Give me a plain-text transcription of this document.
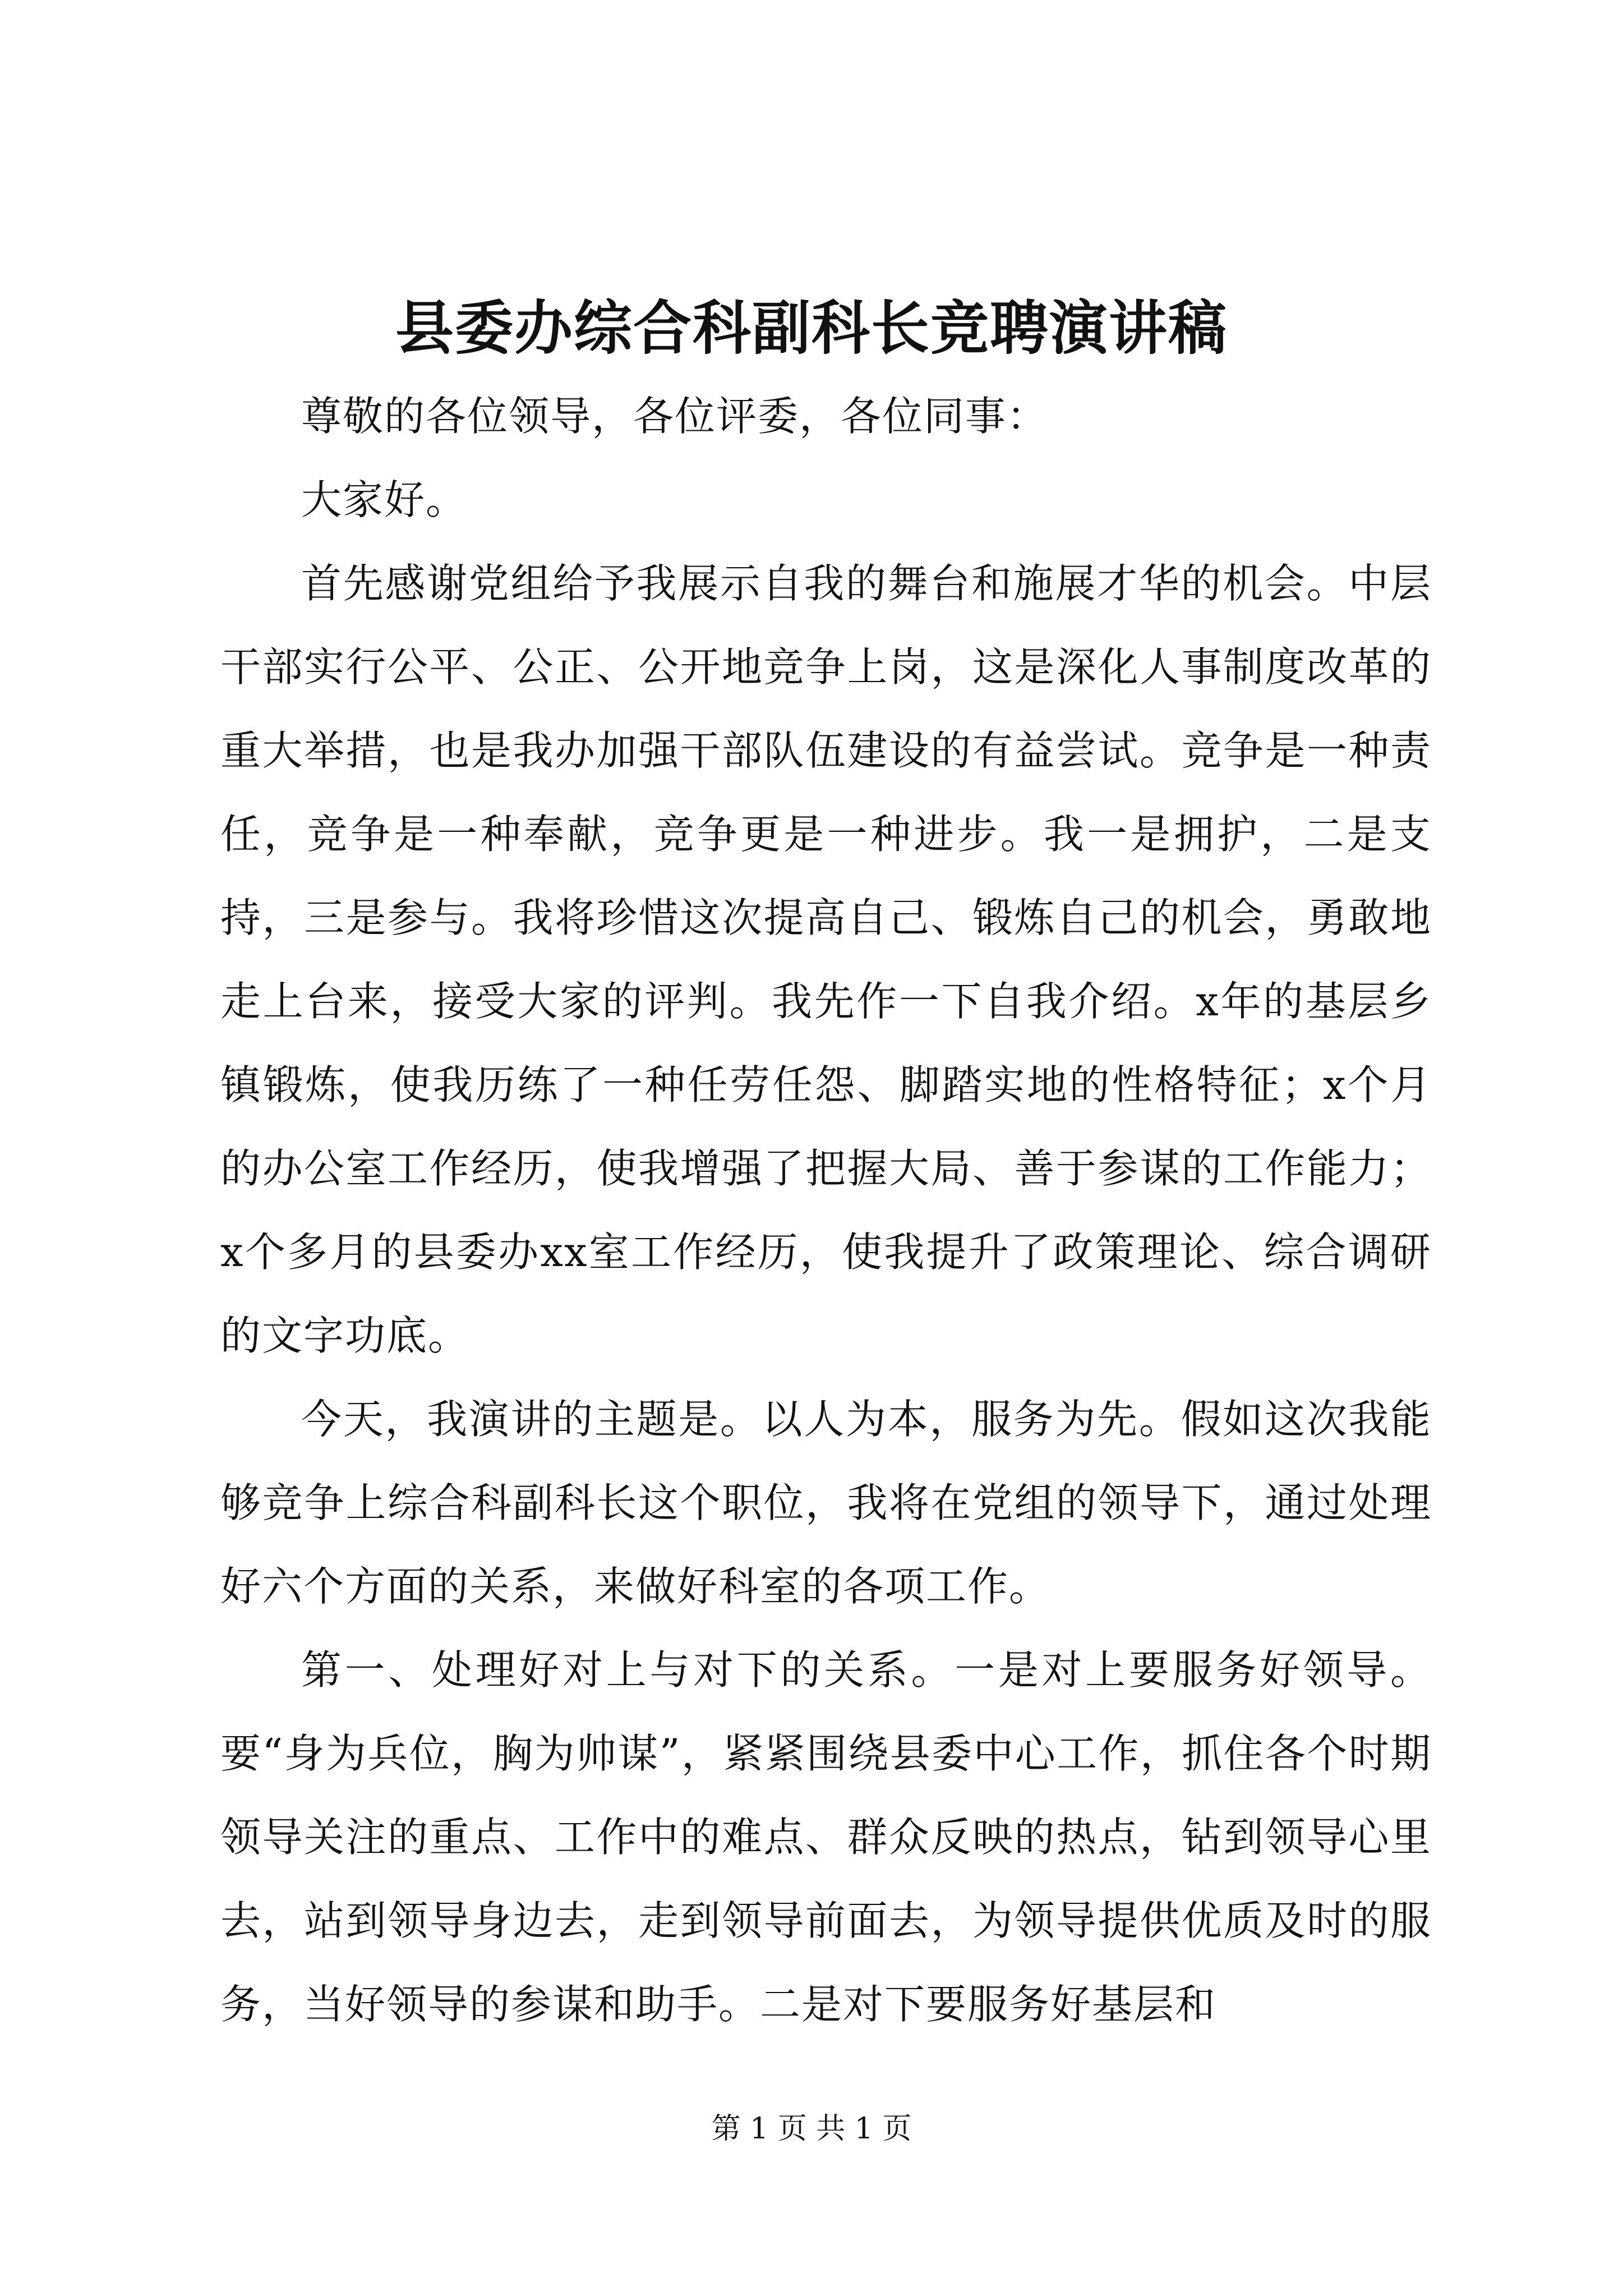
县委办综合科副科长竞聘演讲稿

尊敬的各位领导，各位评委，各位同事：

大家好。

首先感谢党组给予我展示自我的舞台和施展才华的机会。中层干部实行公平、公正、公开地竞争上岗，这是深化人事制度改革的重大举措，也是我办加强干部队伍建设的有益尝试。竞争是一种责任，竞争是一种奉献，竞争更是一种进步。我一是拥护，二是支持，三是参与。我将珍惜这次提高自己、锻炼自己的机会，勇敢地走上台来，接受大家的评判。我先作一下自我介绍。x年的基层乡镇锻炼，使我历练了一种任劳任怨、脚踏实地的性格特征；x个月的办公室工作经历，使我增强了把握大局、善于参谋的工作能力；x个多月的县委办xx室工作经历，使我提升了政策理论、综合调研的文字功底。

今天，我演讲的主题是。以人为本，服务为先。假如这次我能够竞争上综合科副科长这个职位，我将在党组的领导下，通过处理好六个方面的关系，来做好科室的各项工作。

第一、处理好对上与对下的关系。一是对上要服务好领导。要“身为兵位，胸为帅谋”，紧紧围绕县委中心工作，抓住各个时期领导关注的重点、工作中的难点、群众反映的热点，钻到领导心里去，站到领导身边去，走到领导前面去，为领导提供优质及时的服务，当好领导的参谋和助手。二是对下要服务好基层和

第 1 页 共 1 页
